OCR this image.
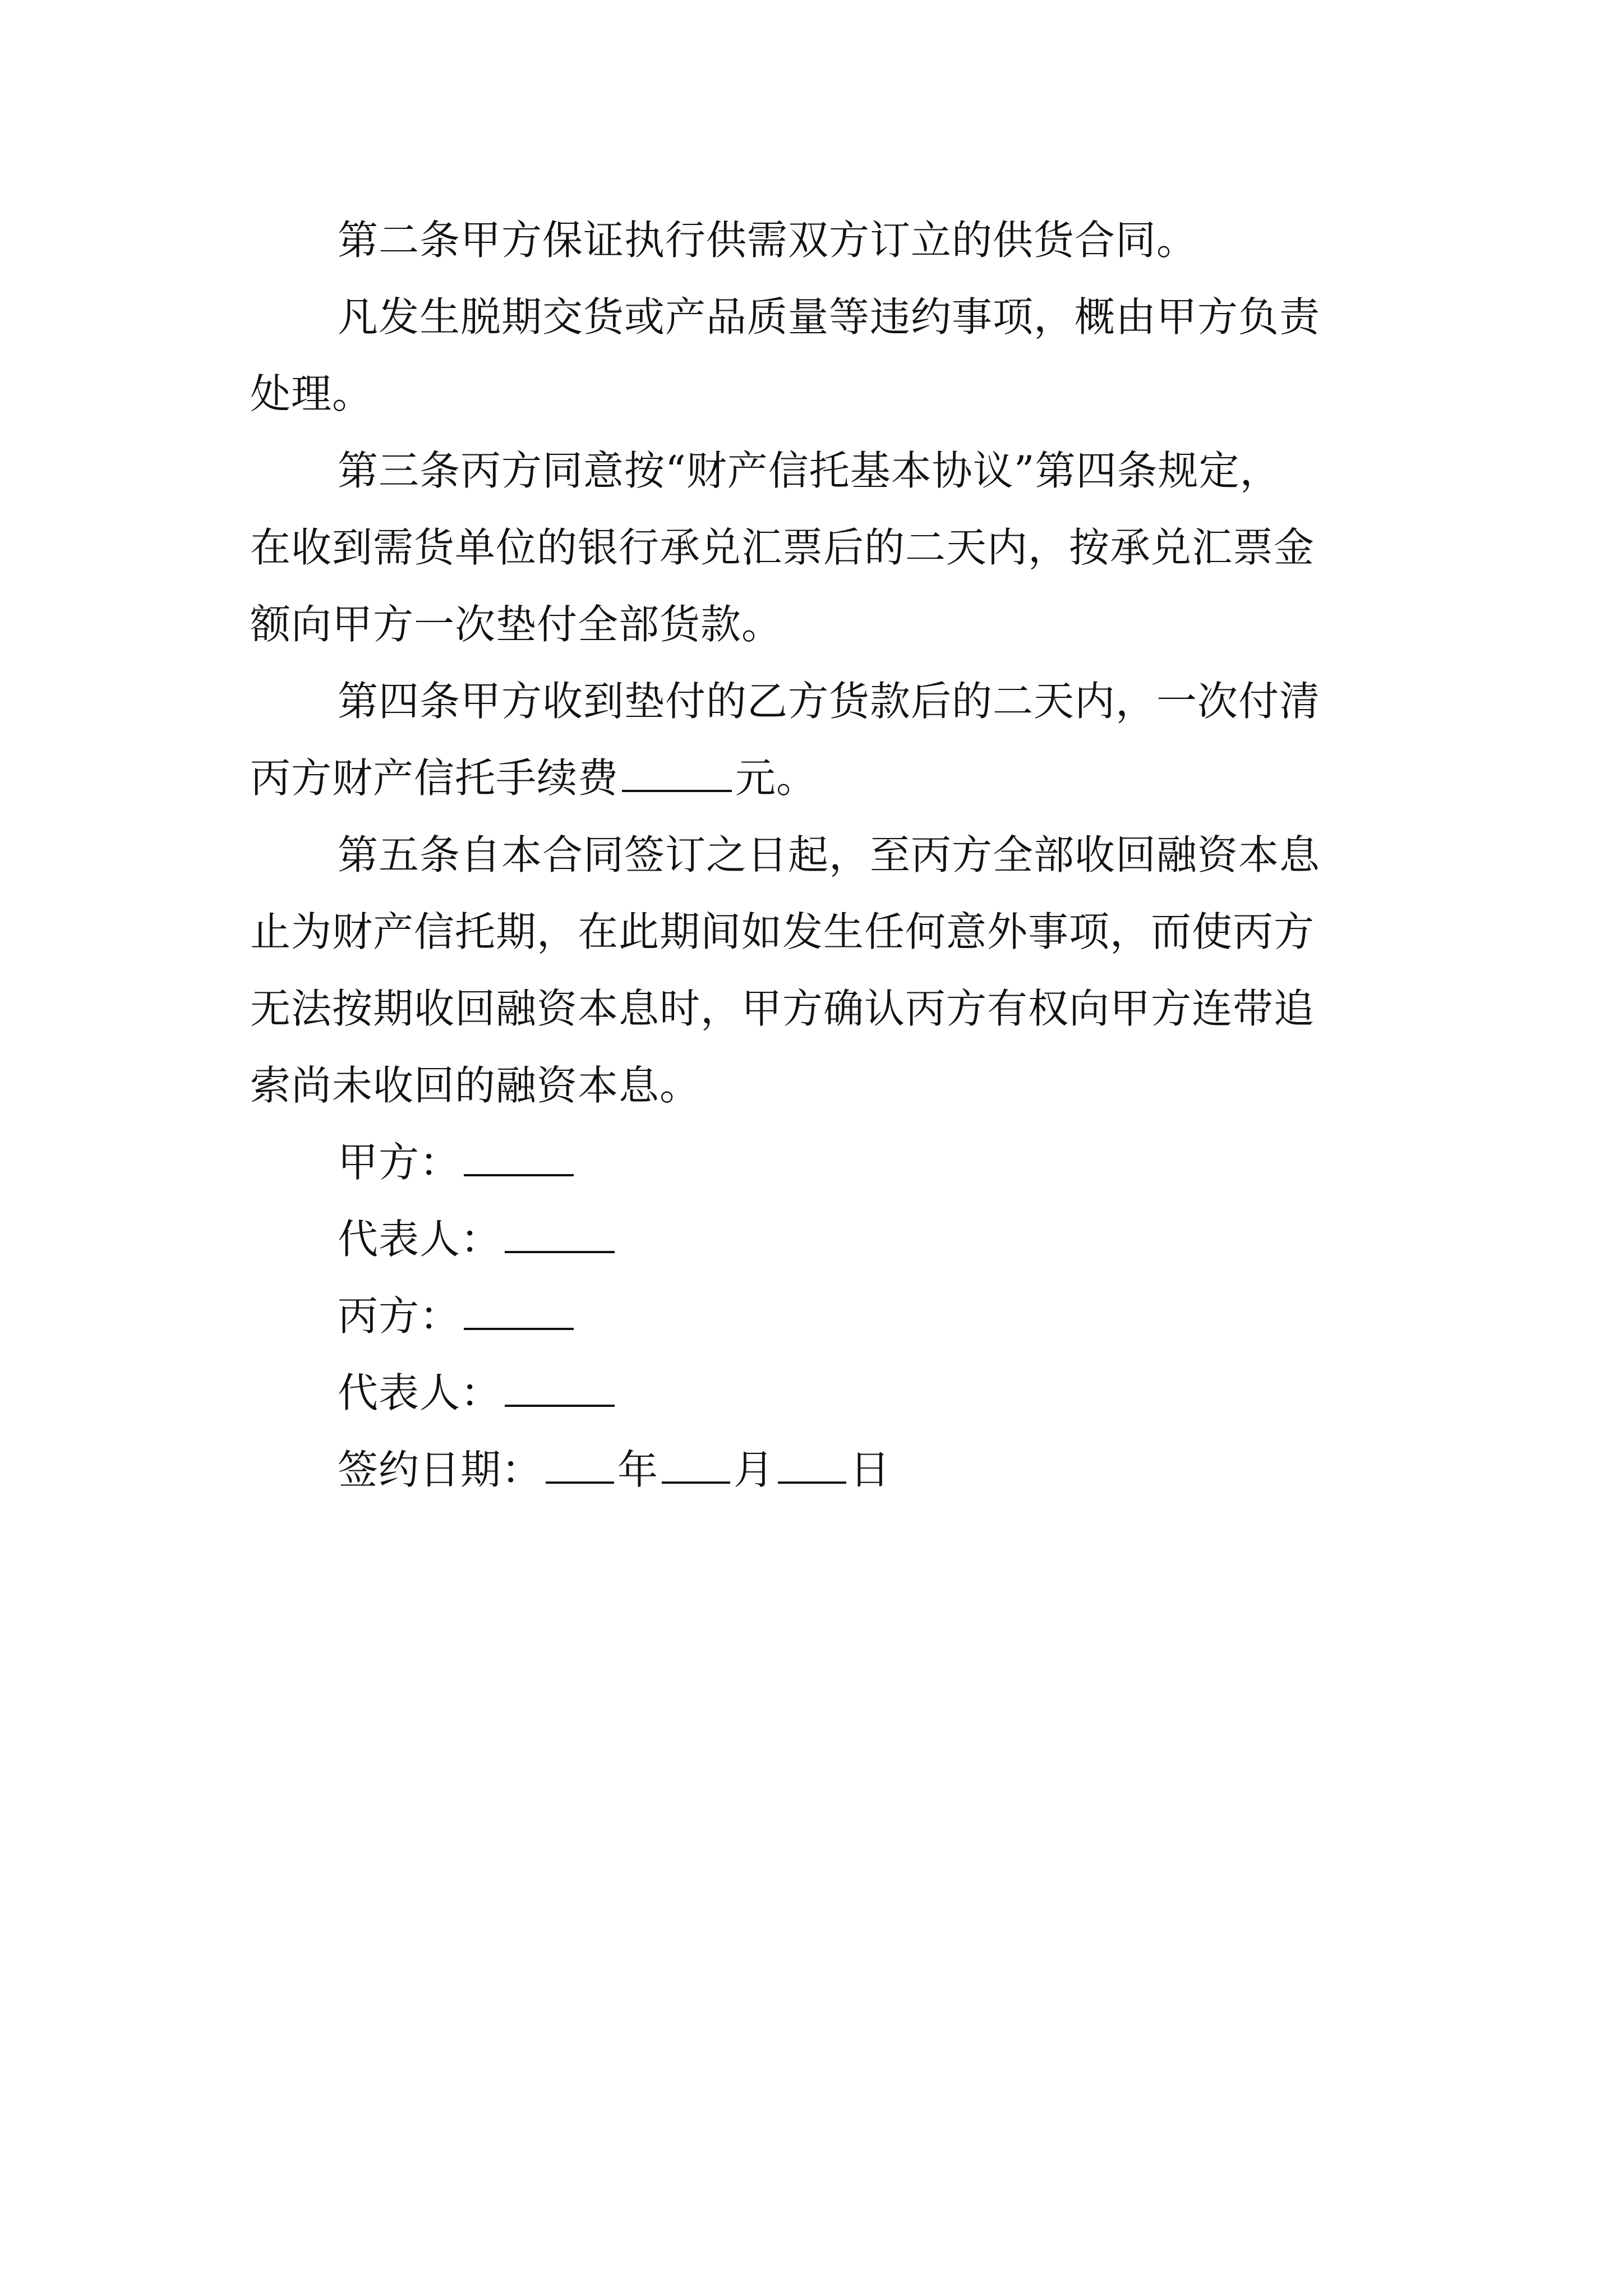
第二条甲方保证执行供需双方订立的供货合同。
凡发生脱期交货或产品质量等违约事项，概由甲方负责
处理。
第三条丙方同意按“财产信托基本协议”第四条规定，
在收到需货单位的银行承兑汇票后的二天内，按承兑汇票金
额向甲方一次垫付全部货款。
第四条甲方收到垫付的乙方货款后的二天内，一次付清
丙方财产信托手续费	元。
第五条自本合同签订之日起，至丙方全部收回融资本息
止为财产信托期，在此期间如发生任何意外事项，而使丙方
无法按期收回融资本息时，甲方确认丙方有权向甲方连带追
索尚未收回的融资本息。
甲方：
代表人：
丙方：
代表人：
签约日期： 年 月 日
